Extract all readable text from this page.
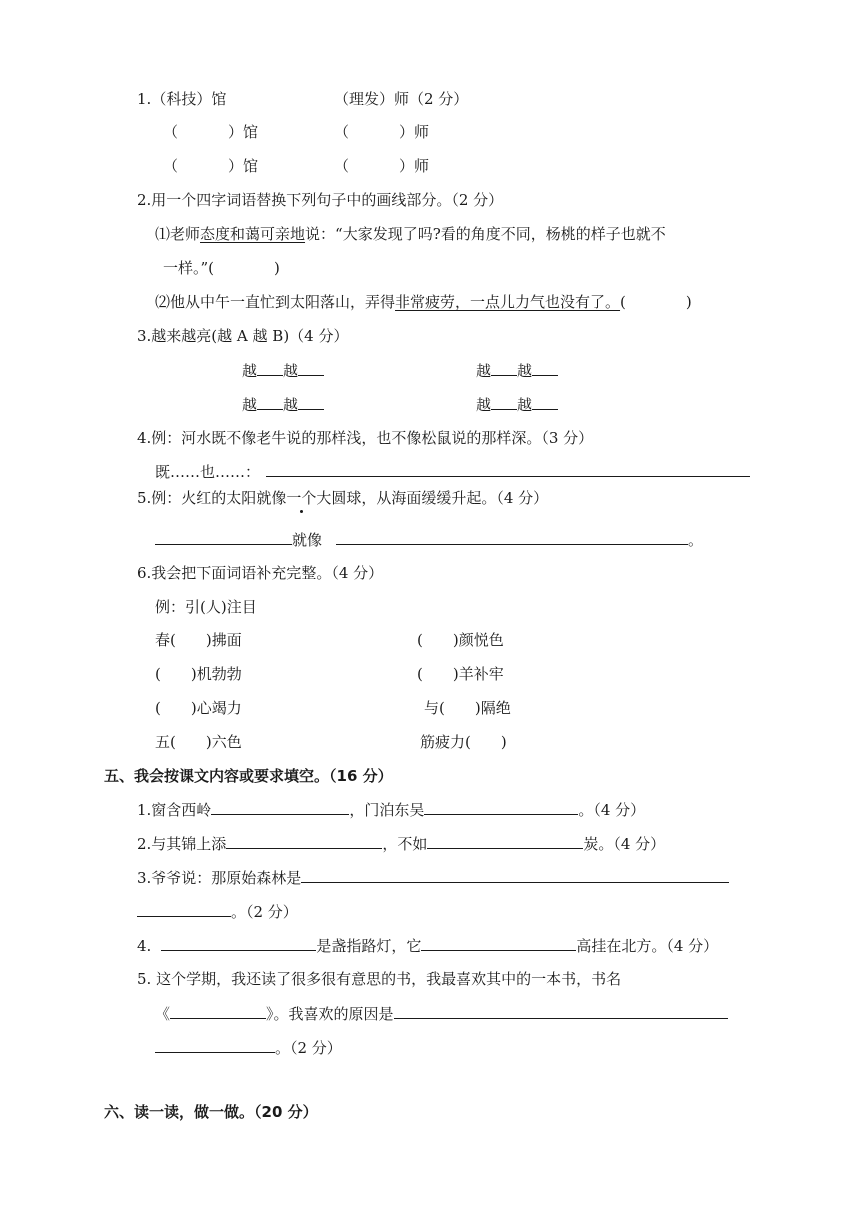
1.（科技）馆	（理发）师（2 分）
（	）馆	（	）师
（	）馆	（	）师
2.用一个四字词语替换下列句子中的画线部分。（2 分）
⑴老师态度和蔼可亲地说：“大家发现了吗?看的角度不同，杨桃的样子也就不
一样。”(　　　　)
⑵他从中午一直忙到太阳落山，弄得非常疲劳，一点儿力气也没有了。(　　　　)
3.越来越亮(越 A 越 B)（4 分）
越 越	越 越
越 越	越 越
4.例：河水既不像老牛说的那样浅，也不像松鼠说的那样深。（3 分）
既……也……：
5.例：火红的太阳就像一个大圆球，从海面缓缓升起。（4 分）
就像	。
6.我会把下面词语补充完整。（4 分）
例：引(人)注目
春(　　)拂面	(　　)颜悦色
(　　)机勃勃	(　　)羊补牢
(　　)心竭力	与(　　)隔绝
五(　　)六色	筋疲力(　　)
五、我会按课文内容或要求填空。（16 分）
1.窗含西岭	，门泊东吴	。（4 分）
2.与其锦上添	，不如	炭。（4 分）
3.爷爷说：那原始森林是
。（2 分）
4.	是盏指路灯，它	高挂在北方。（4 分）
5. 这个学期，我还读了很多很有意思的书，我最喜欢其中的一本书，书名
《	》。我喜欢的原因是
。（2 分）
六、读一读，做一做。（20 分）
